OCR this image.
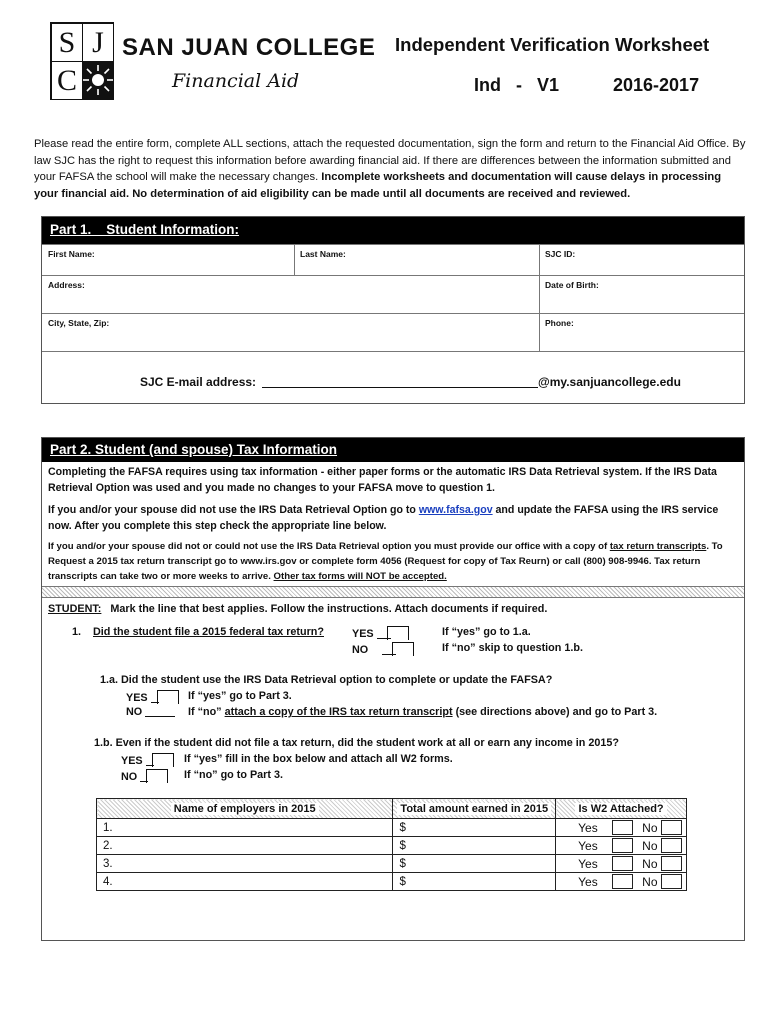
S J
C
SAN JUAN COLLEGE
Financial Aid
Independent Verification Worksheet
Ind   -   V1	2016-2017
Please read the entire form, complete ALL sections, attach the requested documentation, sign the form and return to the Financial Aid Office. By law SJC has the right to request this information before awarding financial aid. If there are differences between the information submitted and your FAFSA the school will make the necessary changes. Incomplete worksheets and documentation will cause delays in processing your financial aid. No determination of aid eligibility can be made until all documents are received and reviewed.
Part 1.    Student Information:
First Name:	Last Name:	SJC ID:
Address:	Date of Birth:
City, State, Zip:	Phone:
SJC E-mail address:	@my.sanjuancollege.edu
Part 2. Student (and spouse) Tax Information
Completing the FAFSA requires using tax information - either paper forms or the automatic IRS Data Retrieval system. If the IRS Data Retrieval Option was used and you made no changes to your FAFSA move to question 1.
If you and/or your spouse did not use the IRS Data Retrieval Option go to www.fafsa.gov and update the FAFSA using the IRS service now. After you complete this step check the appropriate line below.
If you and/or your spouse did not or could not use the IRS Data Retrieval option you must provide our office with a copy of tax return transcripts. To Request a 2015 tax return transcript go to www.irs.gov or complete form 4056 (Request for copy of Tax Reurn) or call (800) 908-9946. Tax return transcripts can take two or more weeks to arrive. Other tax forms will NOT be accepted.
STUDENT: Mark the line that best applies. Follow the instructions. Attach documents if required.
1. Did the student file a 2015 federal tax return?	YES	If “yes” go to 1.a.
NO	If “no” skip to question 1.b.
1.a. Did the student use the IRS Data Retrieval option to complete or update the FAFSA?
YES	If “yes” go to Part 3.
NO	If “no” attach a copy of the IRS tax return transcript (see directions above) and go to Part 3.
1.b. Even if the student did not file a tax return, did the student work at all or earn any income in 2015?
YES	If “yes” fill in the box below and attach all W2 forms.
NO	If “no” go to Part 3.
Name of employers in 2015	Total amount earned in 2015	Is W2 Attached?
1.	$	Yes No

2.	$	Yes No

3.	$	Yes No

4.	$	Yes No
